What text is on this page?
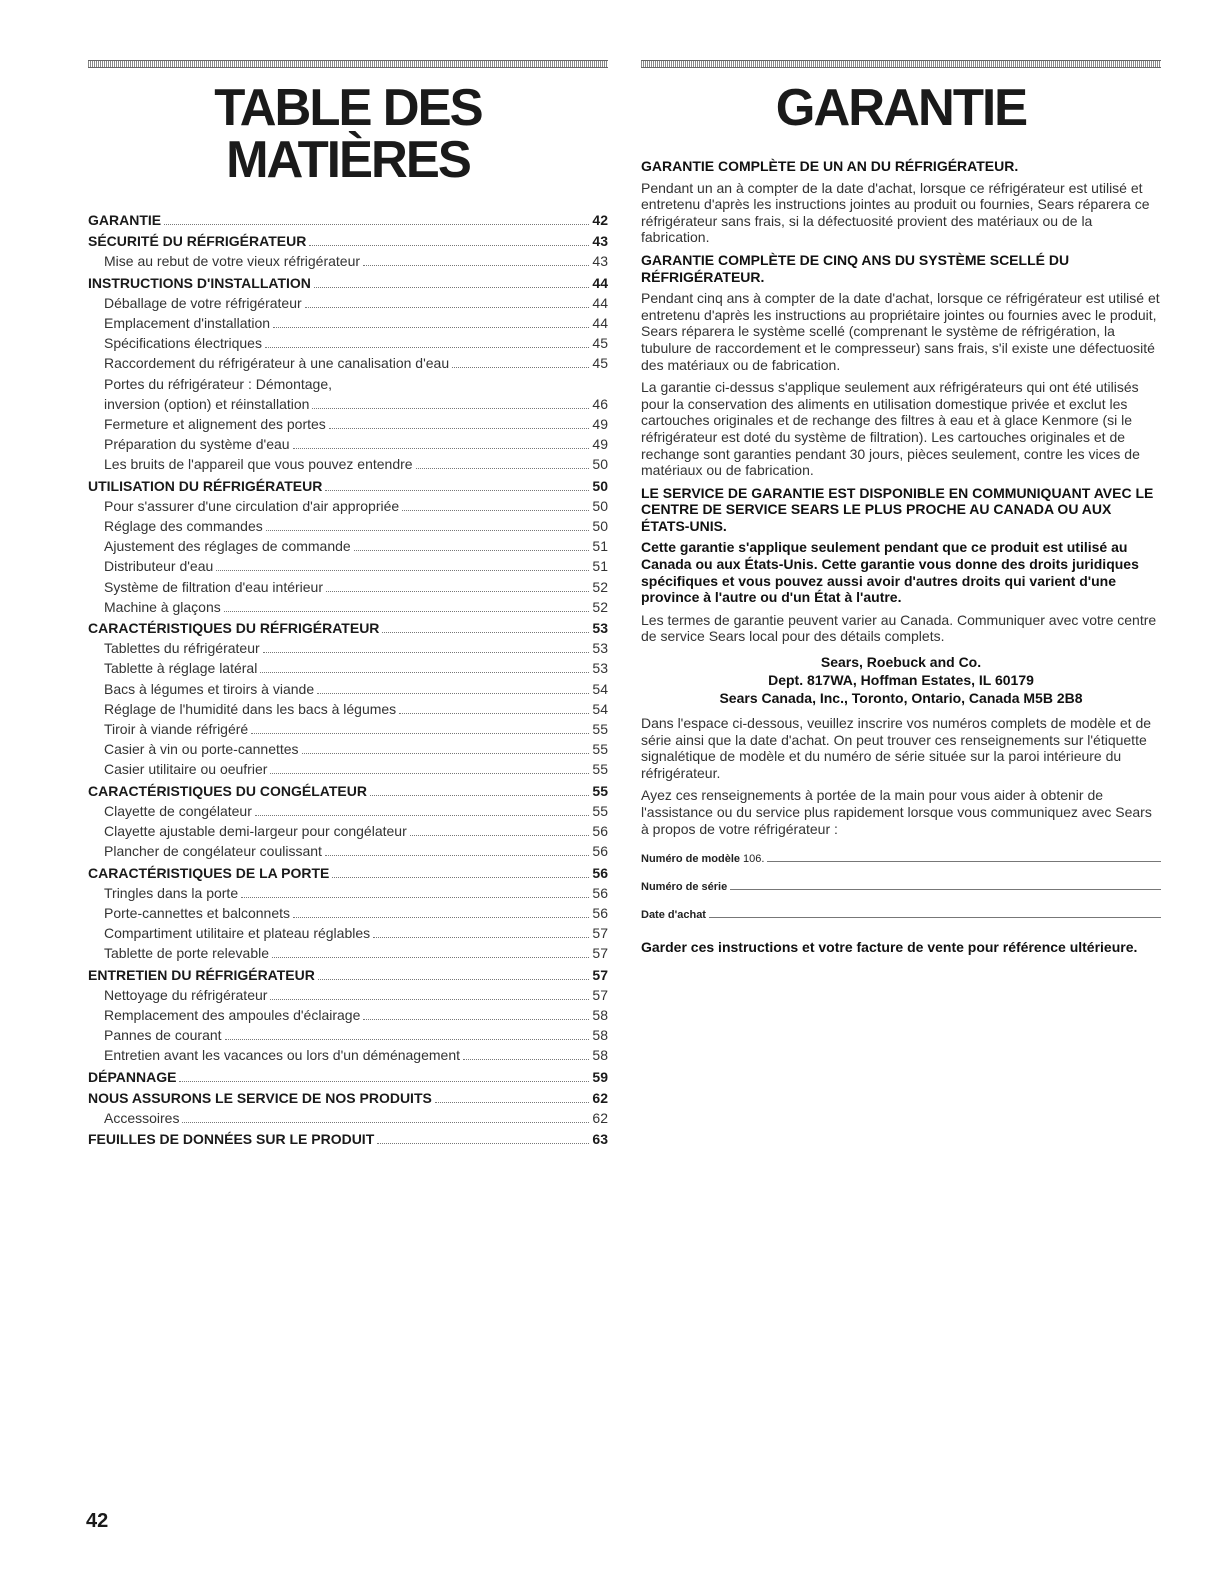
TABLE DES MATIÈRES
GARANTIE	42
SÉCURITÉ DU RÉFRIGÉRATEUR	43
Mise au rebut de votre vieux réfrigérateur	43
INSTRUCTIONS D'INSTALLATION	44
Déballage de votre réfrigérateur	44
Emplacement d'installation	44
Spécifications électriques	45
Raccordement du réfrigérateur à une canalisation d'eau	45
Portes du réfrigérateur : Démontage,
inversion (option) et réinstallation	46
Fermeture et alignement des portes	49
Préparation du système d'eau	49
Les bruits de l'appareil que vous pouvez entendre	50
UTILISATION DU RÉFRIGÉRATEUR	50
Pour s'assurer d'une circulation d'air appropriée	50
Réglage des commandes	50
Ajustement des réglages de commande	51
Distributeur d'eau	51
Système de filtration d'eau intérieur	52
Machine à glaçons	52
CARACTÉRISTIQUES DU RÉFRIGÉRATEUR	53
Tablettes du réfrigérateur	53
Tablette à réglage latéral	53
Bacs à légumes et tiroirs à viande	54
Réglage de l'humidité dans les bacs à légumes	54
Tiroir à viande réfrigéré	55
Casier à vin ou porte-cannettes	55
Casier utilitaire ou oeufrier	55
CARACTÉRISTIQUES DU CONGÉLATEUR	55
Clayette de congélateur	55
Clayette ajustable demi-largeur pour congélateur	56
Plancher de congélateur coulissant	56
CARACTÉRISTIQUES DE LA PORTE	56
Tringles dans la porte	56
Porte-cannettes et balconnets	56
Compartiment utilitaire et plateau réglables	57
Tablette de porte relevable	57
ENTRETIEN DU RÉFRIGÉRATEUR	57
Nettoyage du réfrigérateur	57
Remplacement des ampoules d'éclairage	58
Pannes de courant	58
Entretien avant les vacances ou lors d'un déménagement	58
DÉPANNAGE	59
NOUS ASSURONS LE SERVICE DE NOS PRODUITS	62
Accessoires	62
FEUILLES DE DONNÉES SUR LE PRODUIT	63
GARANTIE
GARANTIE COMPLÈTE DE UN AN DU RÉFRIGÉRATEUR.

Pendant un an à compter de la date d'achat, lorsque ce réfrigérateur est utilisé et entretenu d'après les instructions jointes au produit ou fournies, Sears réparera ce réfrigérateur sans frais, si la défectuosité provient des matériaux ou de la fabrication.

GARANTIE COMPLÈTE DE CINQ ANS DU SYSTÈME SCELLÉ DU RÉFRIGÉRATEUR.

Pendant cinq ans à compter de la date d'achat, lorsque ce réfrigérateur est utilisé et entretenu d'après les instructions au propriétaire jointes ou fournies avec le produit, Sears réparera le système scellé (comprenant le système de réfrigération, la tubulure de raccordement et le compresseur) sans frais, s'il existe une défectuosité des matériaux ou de fabrication.

La garantie ci-dessus s'applique seulement aux réfrigérateurs qui ont été utilisés pour la conservation des aliments en utilisation domestique privée et exclut les cartouches originales et de rechange des filtres à eau et à glace Kenmore (si le réfrigérateur est doté du système de filtration). Les cartouches originales et de rechange sont garanties pendant 30 jours, pièces seulement, contre les vices de matériaux ou de fabrication.

LE SERVICE DE GARANTIE EST DISPONIBLE EN COMMUNIQUANT AVEC LE CENTRE DE SERVICE SEARS LE PLUS PROCHE AU CANADA OU AUX ÉTATS-UNIS.

Cette garantie s'applique seulement pendant que ce produit est utilisé au Canada ou aux États-Unis. Cette garantie vous donne des droits juridiques spécifiques et vous pouvez aussi avoir d'autres droits qui varient d'une province à l'autre ou d'un État à l'autre.

Les termes de garantie peuvent varier au Canada. Communiquer avec votre centre de service Sears local pour des détails complets.

Sears, Roebuck and Co.
Dept. 817WA, Hoffman Estates, IL 60179
Sears Canada, Inc., Toronto, Ontario, Canada M5B 2B8

Dans l'espace ci-dessous, veuillez inscrire vos numéros complets de modèle et de série ainsi que la date d'achat. On peut trouver ces renseignements sur l'étiquette signalétique de modèle et du numéro de série située sur la paroi intérieure du réfrigérateur.

Ayez ces renseignements à portée de la main pour vous aider à obtenir de l'assistance ou du service plus rapidement lorsque vous communiquez avec Sears à propos de votre réfrigérateur :

Numéro de modèle 106.
Numéro de série
Date d'achat

Garder ces instructions et votre facture de vente pour référence ultérieure.

42
